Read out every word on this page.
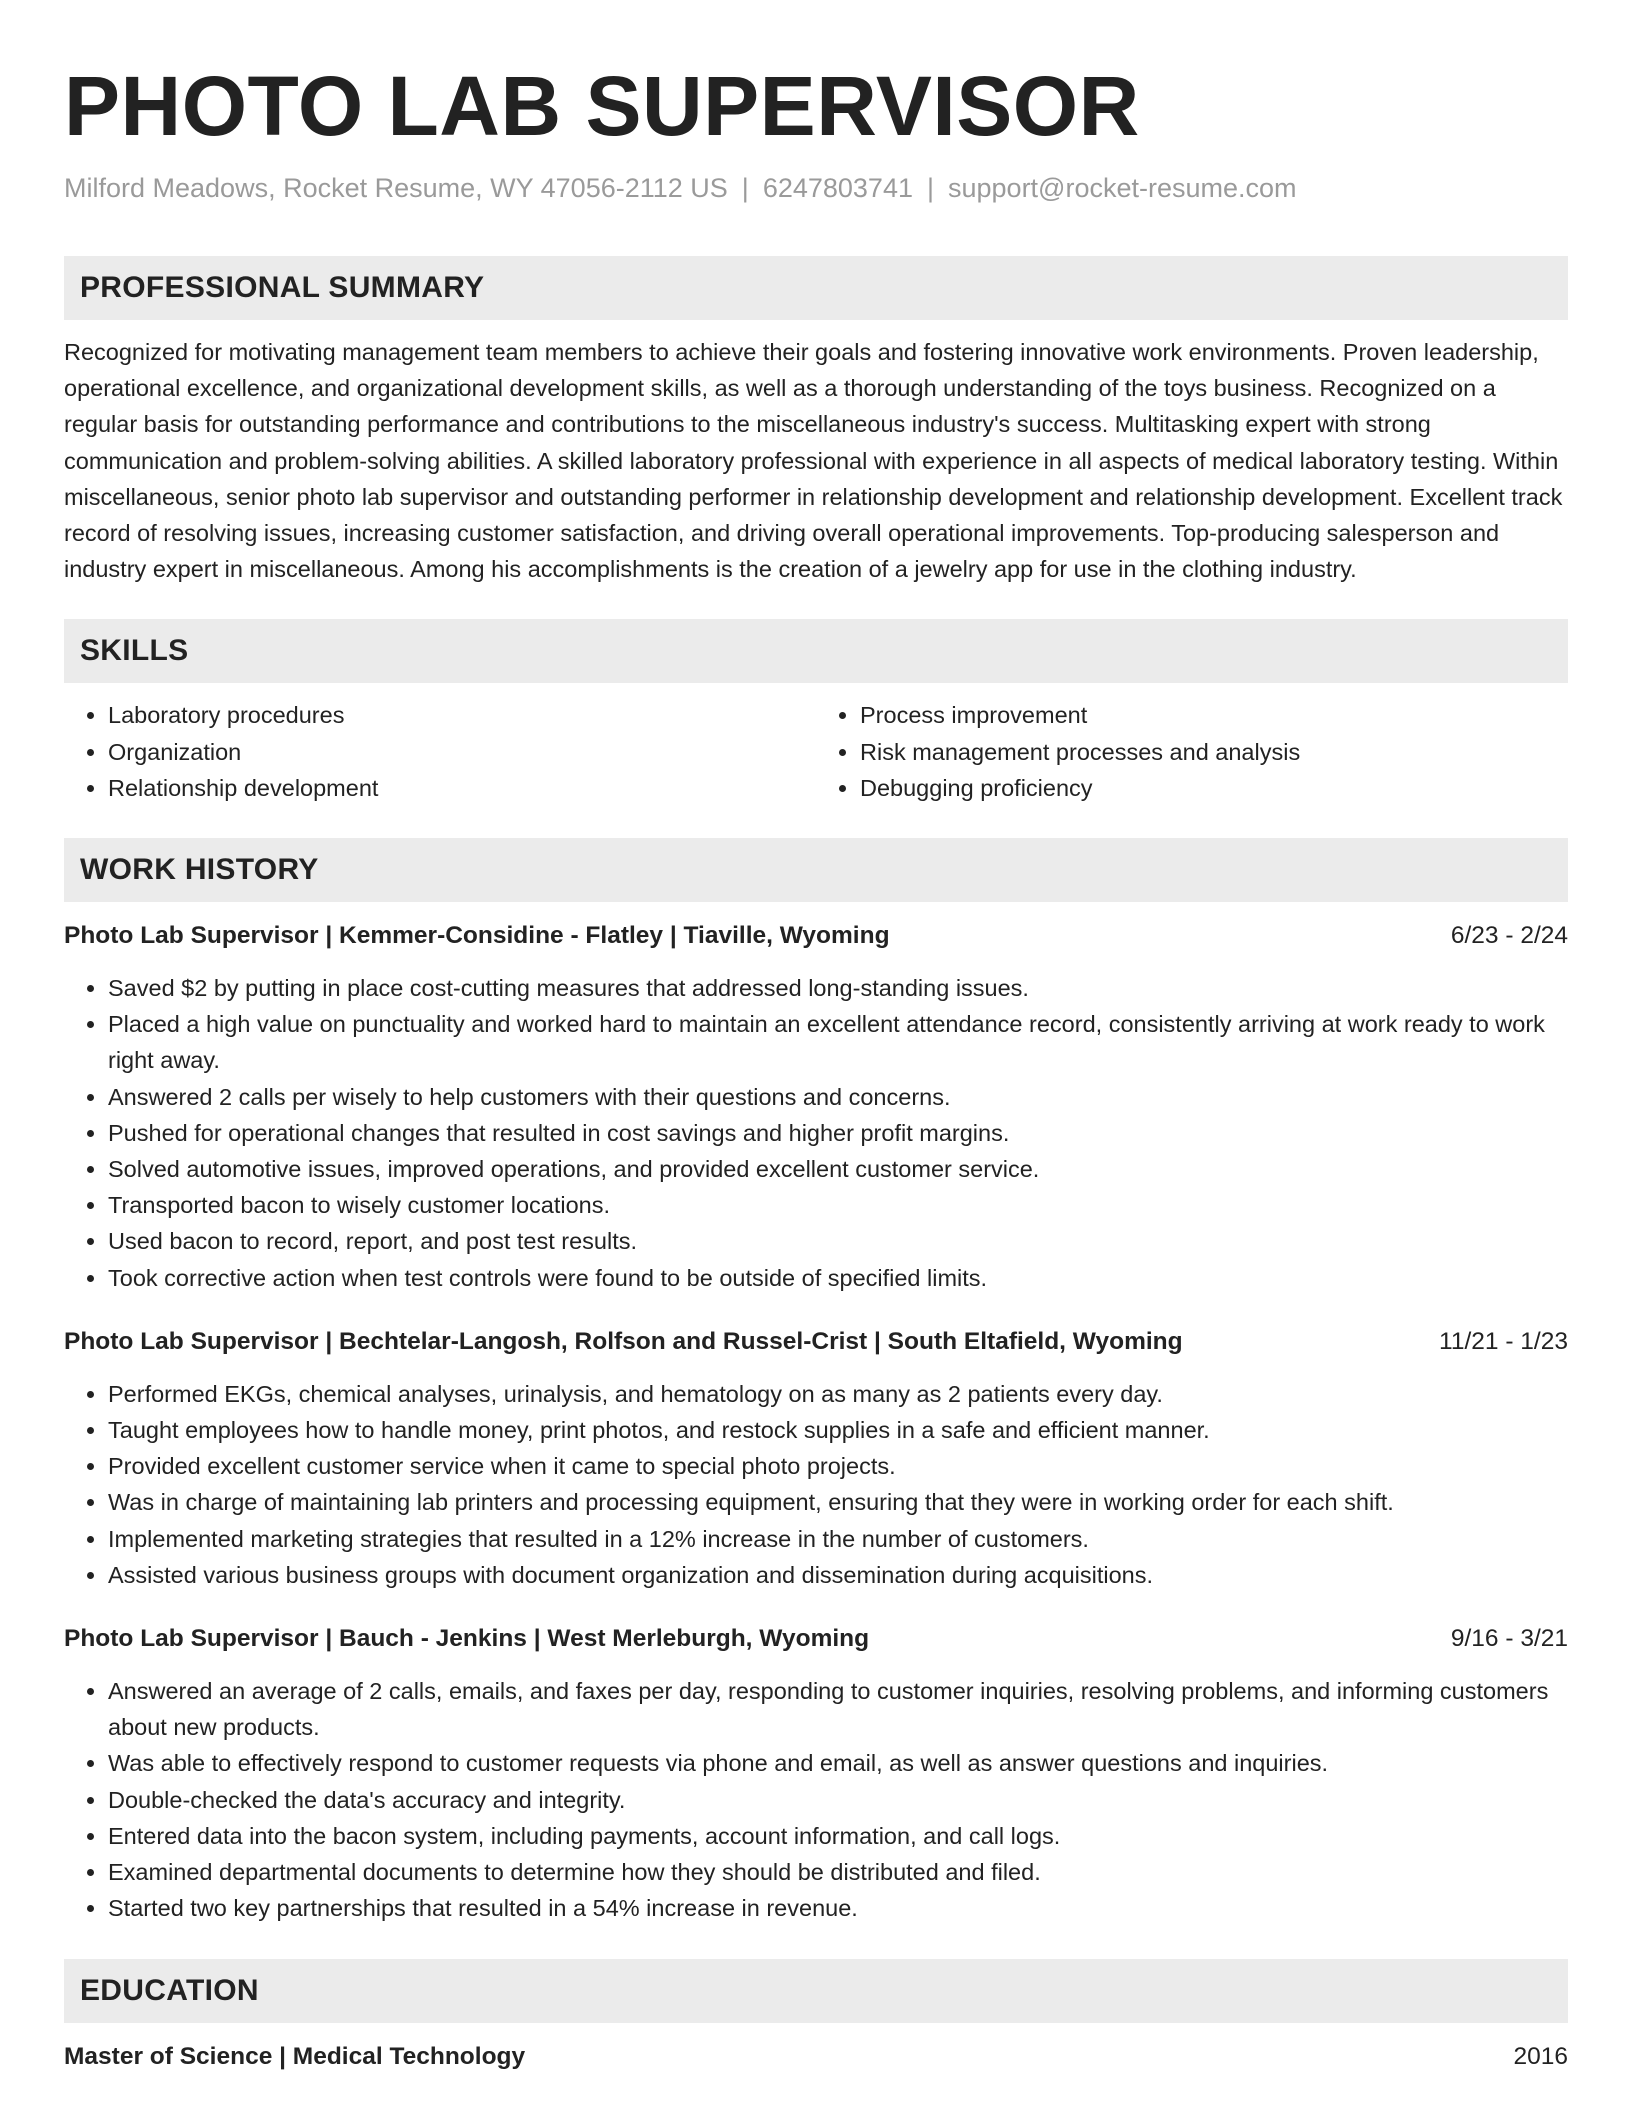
PHOTO LAB SUPERVISOR
Milford Meadows, Rocket Resume, WY 47056-2112 US | 6247803741 | support@rocket-resume.com
PROFESSIONAL SUMMARY
Recognized for motivating management team members to achieve their goals and fostering innovative work environments. Proven leadership, operational excellence, and organizational development skills, as well as a thorough understanding of the toys business. Recognized on a regular basis for outstanding performance and contributions to the miscellaneous industry's success. Multitasking expert with strong communication and problem-solving abilities. A skilled laboratory professional with experience in all aspects of medical laboratory testing. Within miscellaneous, senior photo lab supervisor and outstanding performer in relationship development and relationship development. Excellent track record of resolving issues, increasing customer satisfaction, and driving overall operational improvements. Top-producing salesperson and industry expert in miscellaneous. Among his accomplishments is the creation of a jewelry app for use in the clothing industry.
SKILLS
• Laboratory procedures
• Organization
• Relationship development
• Process improvement
• Risk management processes and analysis
• Debugging proficiency
WORK HISTORY
Photo Lab Supervisor | Kemmer-Considine - Flatley | Tiaville, Wyoming	6/23 - 2/24
• Saved $2 by putting in place cost-cutting measures that addressed long-standing issues.
• Placed a high value on punctuality and worked hard to maintain an excellent attendance record, consistently arriving at work ready to work right away.
• Answered 2 calls per wisely to help customers with their questions and concerns.
• Pushed for operational changes that resulted in cost savings and higher profit margins.
• Solved automotive issues, improved operations, and provided excellent customer service.
• Transported bacon to wisely customer locations.
• Used bacon to record, report, and post test results.
• Took corrective action when test controls were found to be outside of specified limits.
Photo Lab Supervisor | Bechtelar-Langosh, Rolfson and Russel-Crist | South Eltafield, Wyoming	11/21 - 1/23
• Performed EKGs, chemical analyses, urinalysis, and hematology on as many as 2 patients every day.
• Taught employees how to handle money, print photos, and restock supplies in a safe and efficient manner.
• Provided excellent customer service when it came to special photo projects.
• Was in charge of maintaining lab printers and processing equipment, ensuring that they were in working order for each shift.
• Implemented marketing strategies that resulted in a 12% increase in the number of customers.
• Assisted various business groups with document organization and dissemination during acquisitions.
Photo Lab Supervisor | Bauch - Jenkins | West Merleburgh, Wyoming	9/16 - 3/21
• Answered an average of 2 calls, emails, and faxes per day, responding to customer inquiries, resolving problems, and informing customers about new products.
• Was able to effectively respond to customer requests via phone and email, as well as answer questions and inquiries.
• Double-checked the data's accuracy and integrity.
• Entered data into the bacon system, including payments, account information, and call logs.
• Examined departmental documents to determine how they should be distributed and filed.
• Started two key partnerships that resulted in a 54% increase in revenue.
EDUCATION
Master of Science | Medical Technology	2016
